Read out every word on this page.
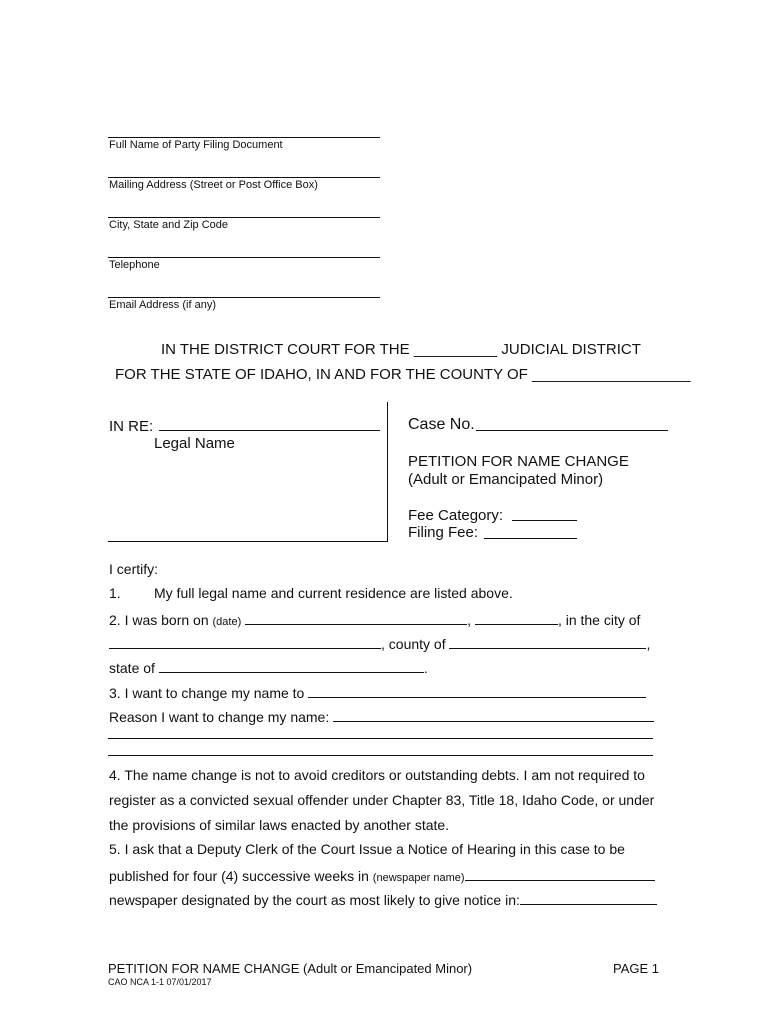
Full Name of Party Filing Document
Mailing Address (Street or Post Office Box)
City, State and Zip Code
Telephone
Email Address (if any)
IN THE DISTRICT COURT FOR THE __________ JUDICIAL DISTRICT
FOR THE STATE OF IDAHO, IN AND FOR THE COUNTY OF ___________________
IN RE:
Legal Name
Case No.
PETITION FOR NAME CHANGE
(Adult or Emancipated Minor)
Fee Category:
Filing Fee:
I certify:
1. My full legal name and current residence are listed above.
2. I was born on (date)	,	, in the city of
, county of	,
state of	.
3. I want to change my name to
Reason I want to change my name:
4. The name change is not to avoid creditors or outstanding debts. I am not required to
register as a convicted sexual offender under Chapter 83, Title 18, Idaho Code, or under
the provisions of similar laws enacted by another state.
5. I ask that a Deputy Clerk of the Court Issue a Notice of Hearing in this case to be
published for four (4) successive weeks in (newspaper name)
newspaper designated by the court as most likely to give notice in:
PETITION FOR NAME CHANGE (Adult or Emancipated Minor)	PAGE 1
CAO NCA 1-1 07/01/2017
